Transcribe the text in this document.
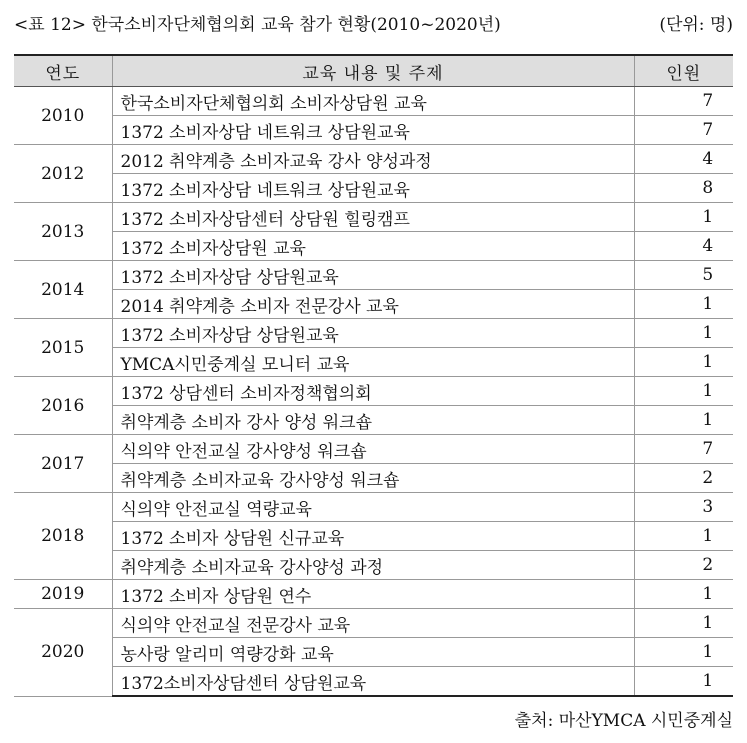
<표 12> 한국소비자단체협의회 교육 참가 현황(2010~2020년)	(단위: 명)
연도	교육 내용 및 주제	인원
2010	한국소비자단체협의회 소비자상담원 교육	7
	1372 소비자상담 네트워크 상담원교육	7
2012	2012 취약계층 소비자교육 강사 양성과정	4
	1372 소비자상담 네트워크 상담원교육	8
2013	1372 소비자상담센터 상담원 힐링캠프	1
	1372 소비자상담원 교육	4
2014	1372 소비자상담 상담원교육	5
	2014 취약계층 소비자 전문강사 교육	1
2015	1372 소비자상담 상담원교육	1
	YMCA시민중계실 모니터 교육	1
2016	1372 상담센터 소비자정책협의회	1
	취약계층 소비자 강사 양성 워크숍	1
2017	식의약 안전교실 강사양성 워크숍	7
	취약계층 소비자교육 강사양성 워크숍	2
2018	식의약 안전교실 역량교육	3
	1372 소비자 상담원 신규교육	1
	취약계층 소비자교육 강사양성 과정	2
2019	1372 소비자 상담원 연수	1
2020	식의약 안전교실 전문강사 교육	1
	농사랑 알리미 역량강화 교육	1
	1372소비자상담센터 상담원교육	1
출처: 마산YMCA 시민중계실
